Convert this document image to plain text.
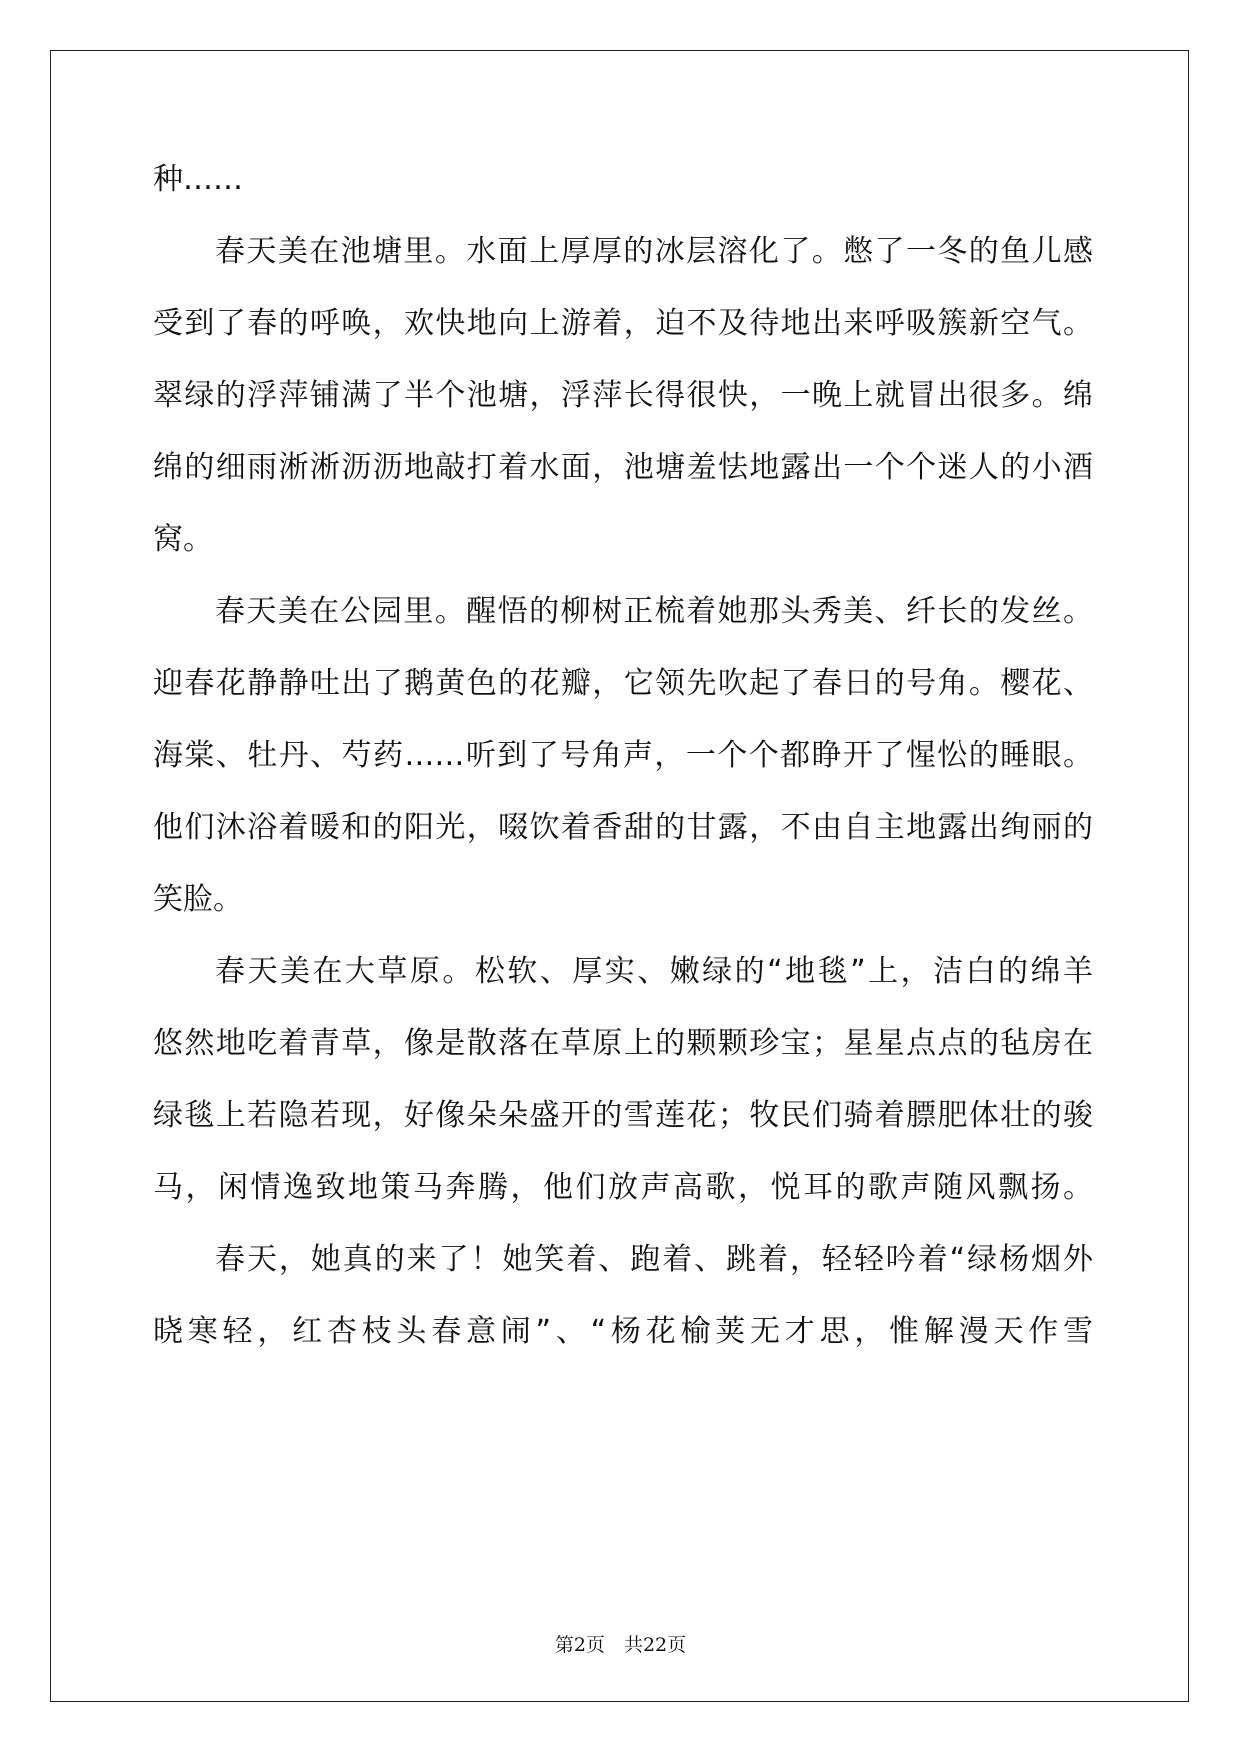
种……
春天美在池塘里。水面上厚厚的冰层溶化了。憋了一冬的鱼儿感
受到了春的呼唤，欢快地向上游着，迫不及待地出来呼吸簇新空气。
翠绿的浮萍铺满了半个池塘，浮萍长得很快，一晚上就冒出很多。绵
绵的细雨淅淅沥沥地敲打着水面，池塘羞怯地露出一个个迷人的小酒
窝。
春天美在公园里。醒悟的柳树正梳着她那头秀美、纤长的发丝。
迎春花静静吐出了鹅黄色的花瓣，它领先吹起了春日的号角。樱花、
海棠、牡丹、芍药……听到了号角声，一个个都睁开了惺忪的睡眼。
他们沐浴着暖和的阳光，啜饮着香甜的甘露，不由自主地露出绚丽的
笑脸。
春天美在大草原。松软、厚实、嫩绿的“地毯”上，洁白的绵羊
悠然地吃着青草，像是散落在草原上的颗颗珍宝；星星点点的毡房在
绿毯上若隐若现，好像朵朵盛开的雪莲花；牧民们骑着膘肥体壮的骏
马，闲情逸致地策马奔腾，他们放声高歌，悦耳的歌声随风飘扬。
春天，她真的来了！她笑着、跑着、跳着，轻轻吟着“绿杨烟外
晓寒轻，红杏枝头春意闹”、“杨花榆荚无才思，惟解漫天作雪
第2页　共22页
